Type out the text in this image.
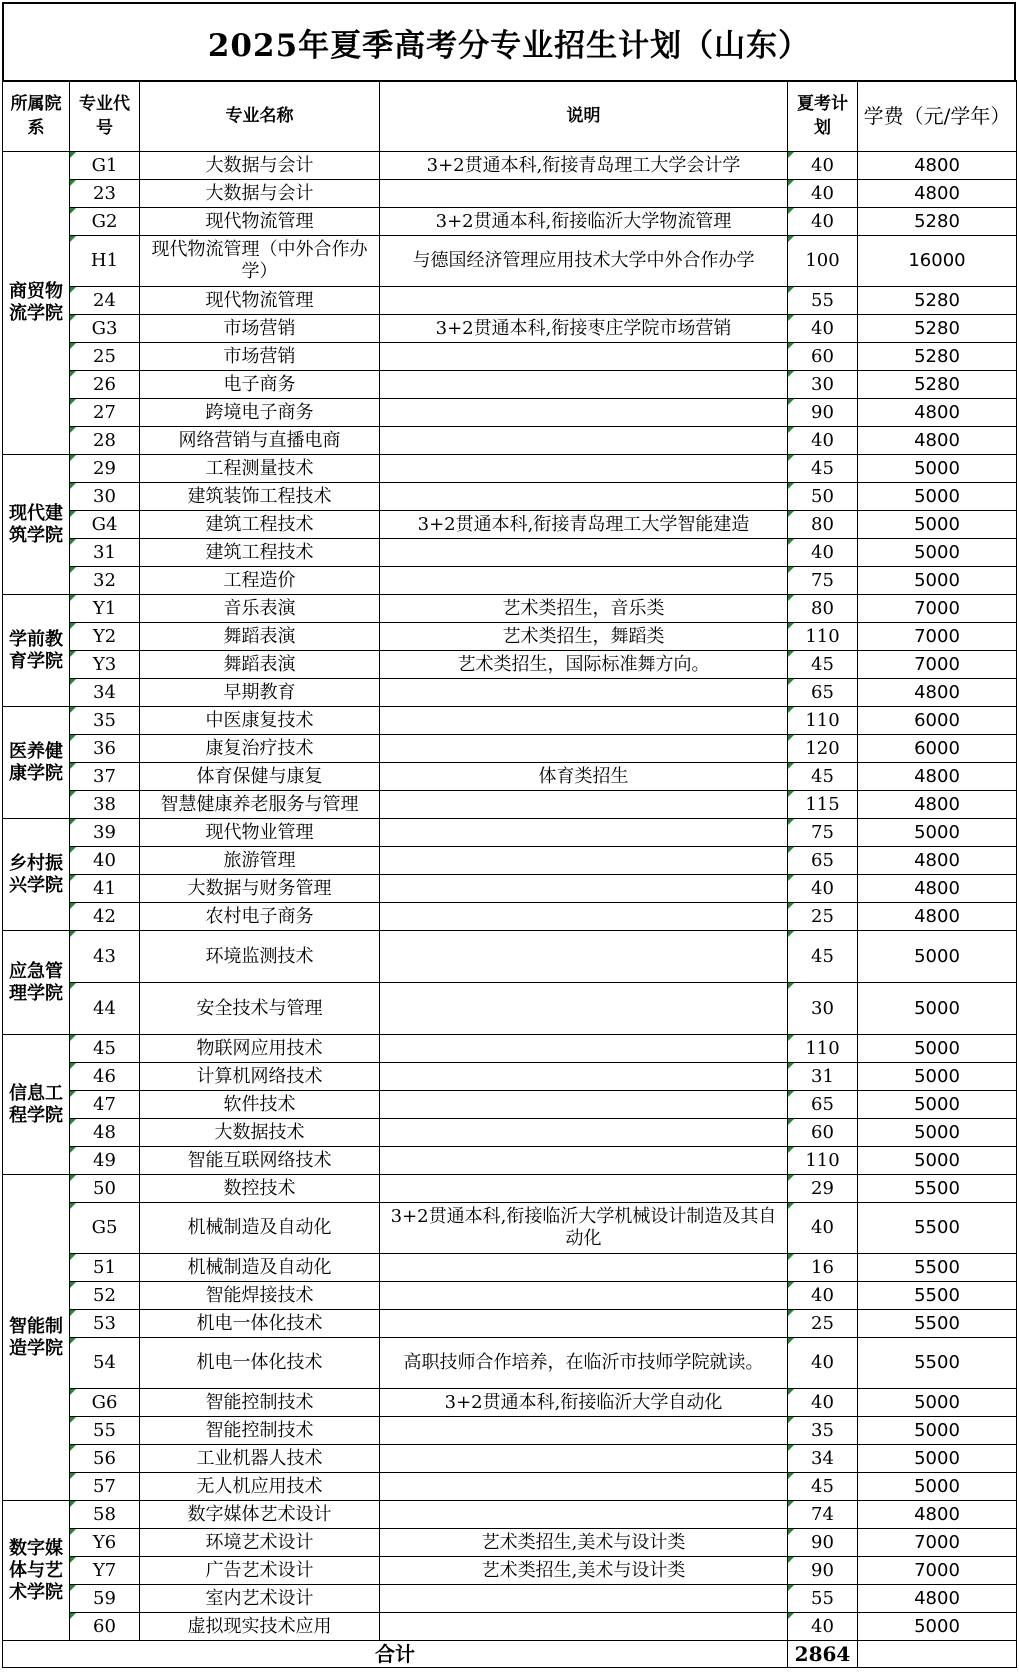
2025年夏季高考分专业招生计划（山东）
所属院系	专业代号	专业名称	说明	夏考计划	学费（元/学年）
商贸物流学院	G1	大数据与会计	3+2贯通本科,衔接青岛理工大学会计学	40	4800
	23	大数据与会计		40	4800
	G2	现代物流管理	3+2贯通本科,衔接临沂大学物流管理	40	5280
	H1	现代物流管理（中外合作办学）	与德国经济管理应用技术大学中外合作办学	100	16000
	24	现代物流管理		55	5280
	G3	市场营销	3+2贯通本科,衔接枣庄学院市场营销	40	5280
	25	市场营销		60	5280
	26	电子商务		30	5280
	27	跨境电子商务		90	4800
	28	网络营销与直播电商		40	4800
现代建筑学院	29	工程测量技术		45	5000
	30	建筑装饰工程技术		50	5000
	G4	建筑工程技术	3+2贯通本科,衔接青岛理工大学智能建造	80	5000
	31	建筑工程技术		40	5000
	32	工程造价		75	5000
学前教育学院	Y1	音乐表演	艺术类招生，音乐类	80	7000
	Y2	舞蹈表演	艺术类招生，舞蹈类	110	7000
	Y3	舞蹈表演	艺术类招生，国际标准舞方向。	45	7000
	34	早期教育		65	4800
医养健康学院	35	中医康复技术		110	6000
	36	康复治疗技术		120	6000
	37	体育保健与康复	体育类招生	45	4800
	38	智慧健康养老服务与管理		115	4800
乡村振兴学院	39	现代物业管理		75	5000
	40	旅游管理		65	4800
	41	大数据与财务管理		40	4800
	42	农村电子商务		25	4800
应急管理学院	43	环境监测技术		45	5000
	44	安全技术与管理		30	5000
信息工程学院	45	物联网应用技术		110	5000
	46	计算机网络技术		31	5000
	47	软件技术		65	5000
	48	大数据技术		60	5000
	49	智能互联网络技术		110	5000
智能制造学院	50	数控技术		29	5500
	G5	机械制造及自动化	3+2贯通本科,衔接临沂大学机械设计制造及其自动化	40	5500
	51	机械制造及自动化		16	5500
	52	智能焊接技术		40	5500
	53	机电一体化技术		25	5500
	54	机电一体化技术	高职技师合作培养，在临沂市技师学院就读。	40	5500
	G6	智能控制技术	3+2贯通本科,衔接临沂大学自动化	40	5000
	55	智能控制技术		35	5000
	56	工业机器人技术		34	5000
	57	无人机应用技术		45	5000
数字媒体与艺术学院	58	数字媒体艺术设计		74	4800
	Y6	环境艺术设计	艺术类招生,美术与设计类	90	7000
	Y7	广告艺术设计	艺术类招生,美术与设计类	90	7000
	59	室内艺术设计		55	4800
	60	虚拟现实技术应用		40	5000
合计				2864	
